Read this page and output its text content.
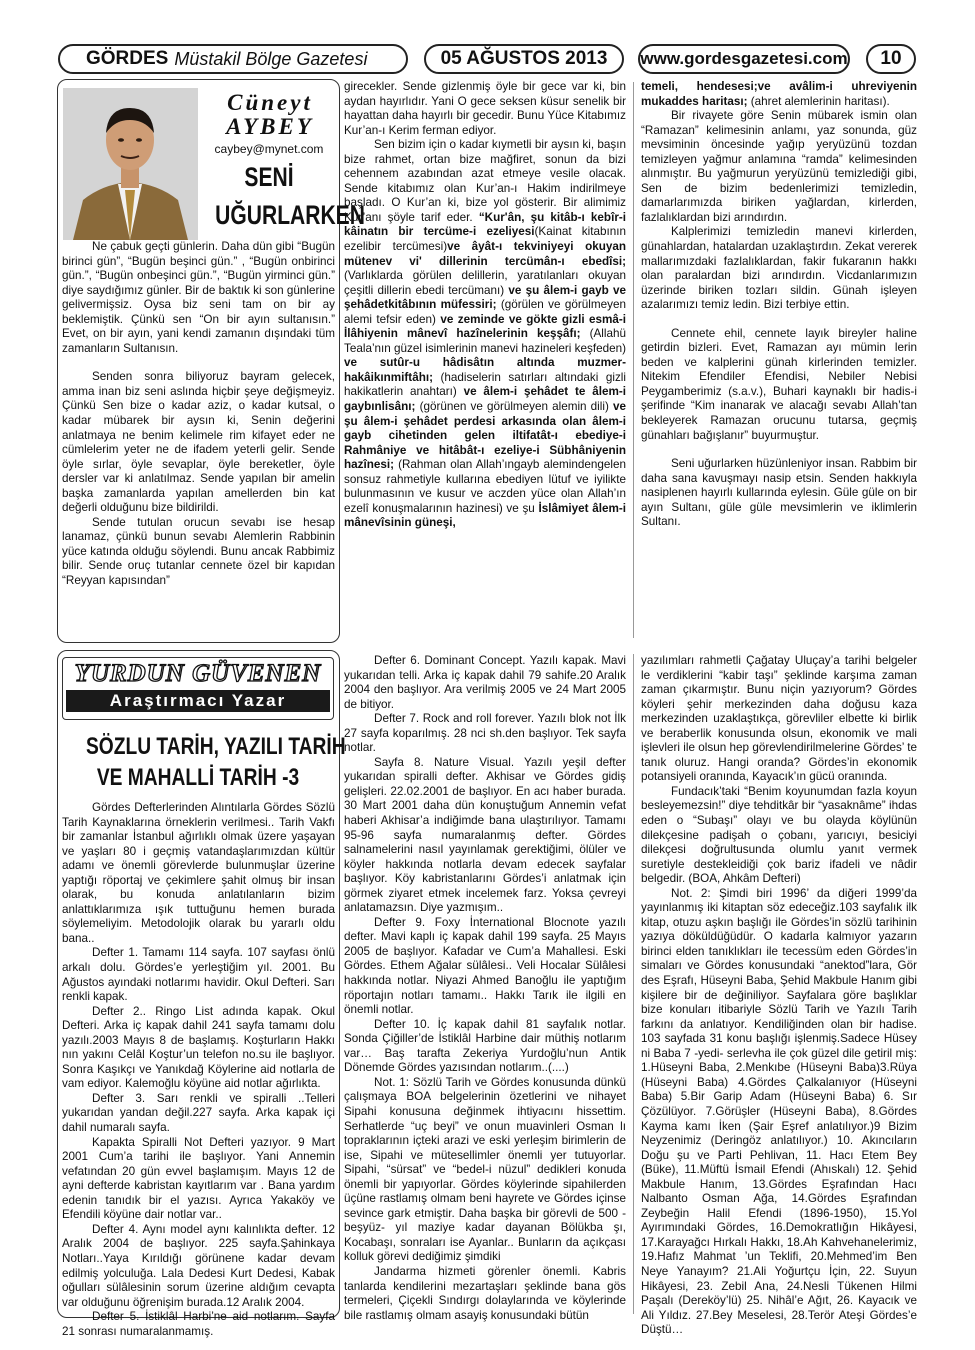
GÖRDES Müstakil Bölge Gazetesi	05 AĞUSTOS 2013	www.gordesgazetesi.com	10
Cüneyt
AYBEY
caybey@mynet.com
SENİ
UĞURLARKEN

Ne çabuk geçti günlerin. Daha dün gibi “Bugün birinci gün”, “Bugün beşinci gün.” , “Bugün onbirinci gün.”, “Bugün onbeşinci gün.”, “Bugün yirminci gün.” diye saydığımız günler. Bir de baktık ki son günlerine gelivermişsiz. Oysa biz seni tam on bir ay beklemiştik. Çünkü sen “On bir ayın sultanısın.” Evet, on bir ayın, yani kendi zamanın dışındaki tüm zamanların Sultanısın.

Senden sonra biliyoruz bayram gelecek, amma inan biz seni aslında hiçbir şeye değişmeyiz. Çünkü Sen bize o kadar aziz, o kadar kutsal, o kadar mübarek bir aysın ki, Senin değerini anlatmaya ne benim kelimele rim kifayet eder ne cümlelerim yeter ne de ifadem yeterli gelir. Sende öyle sırlar, öyle sevaplar, öyle bereketler, öyle dersler var ki anlatılmaz. Sende yapılan bir amelin başka zamanlarda yapılan amellerden bin kat değerli olduğunu bize bildirildi.

Sende tutulan orucun sevabı ise hesap lanamaz, çünkü bunun sevabı Alemlerin Rabbinin yüce katında olduğu söylendi. Bunu ancak Rabbimiz bilir. Sende oruç tutanlar cennete özel bir kapıdan “Reyyan kapısından”

girecekler. Sende gizlenmiş öyle bir gece var ki, bin aydan hayırlıdır. Yani O gece seksen küsur senelik bir hayattan daha hayırlı bir gecedir. Bunu Yüce Kitabımız Kur’an-ı Kerim ferman ediyor.

Sen bizim için o kadar kıymetli bir aysın ki, başın bize rahmet, ortan bize mağfiret, sonun da bizi cehennem azabından azat etmeye vesile olacak. Sende kitabımız olan Kur’an-ı Hakim indirilmeye başladı. O Kur’an ki, bize yol gösterir. Bir alimimiz Kur’anı şöyle tarif eder. “Kur'ân, şu kitâb-ı kebîr-i kâinatın bir tercüme-i ezeliyesi(Kainat kitabının ezelibir tercümesi)ve âyât-ı tekviniyeyi okuyan mütenev vi' dillerinin tercümân-ı ebedîsi; (Varlıklarda görülen delillerin, yaratılanları okuyan çeşitli dillerin ebedi tercümanı) ve şu âlem-i gayb ve şehâdetkitâbının müfessiri; (görülen ve görülmeyen alemi tefsir eden) ve zeminde ve gökte gizli esmâ-i İlâhiyenin mânevî hazînelerinin keşşâfı; (Allahü Teala’nın güzel isimlerinin manevi hazineleri keşfeden) ve sutûr-u hâdisâtın altında muzmer-hakâikınmiftâhı; (hadiselerin satırları altındaki gizli hakikatlerin anahtarı) ve âlem-i şehâdet te âlem-i gaybınlisânı; (görünen ve görülmeyen alemin dili) ve şu âlem-i şehâdet perdesi arkasında olan âlem-i gayb cihetinden gelen iltifatât-ı ebediye-i Rahmâniye ve hitâbât-ı ezeliye-i Sübhâniyenin hazînesi; (Rahman olan Allah’ıngayb alemindengelen sonsuz rahmetiyle kullarına ebediyen lütuf ve iyilikte bulunmasının ve kusur ve aczden yüce olan Allah’ın ezelî konuşmalarının hazinesi) ve şu İslâmiyet âlem-i mânevîsinin güneşi,

temeli, hendesesi;ve avâlim-i uhreviyenin mukaddes haritası; (ahret alemlerinin haritası).

Bir rivayete göre Senin mübarek ismin olan “Ramazan” kelimesinin anlamı, yaz sonunda, güz mevsiminin öncesinde yağıp yeryüzünü tozdan temizleyen yağmur anlamına “ramda” kelimesinden alınmıştır. Bu yağmurun yeryüzünü temizlediği gibi, Sen de bizim bedenlerimizi temizledin, damarlarımızda biriken yağlardan, kirlerden, fazlalıklardan bizi arındırdın.

Kalplerimizi temizledin manevi kirlerden, günahlardan, hatalardan uzaklaştırdın. Zekat vererek mallarımızdaki fazlalıklardan, fakir fukaranın hakkı olan paralardan bizi arındırdın. Vicdanlarımızın üzerinde biriken tozları sildin. Günah işleyen azalarımızı temiz ledin. Bizi terbiye ettin.

Cennete ehil, cennete layık bireyler haline getirdin bizleri. Evet, Ramazan ayı mümin lerin beden ve kalplerini günah kirlerinden temizler. Nitekim Efendiler Efendisi, Nebiler Nebisi Peygamberimiz (s.a.v.), Buhari kaynaklı bir hadis-i şerifinde “Kim inanarak ve alacağı sevabı Allah’tan bekleyerek Ramazan orucunu tutarsa, geçmiş günahları bağışlanır” buyurmuştur.

Seni uğurlarken hüzünleniyor insan. Rabbim bir daha sana kavuşmayı nasip etsin. Senden hakkıyla nasiplenen hayırlı kullarında eylesin. Güle güle on bir ayın Sultanı, güle güle mevsimlerin ve iklimlerin Sultanı.

YURDUN GÜVENEN
Araştırmacı Yazar
SÖZLU TARİH, YAZILI TARİH
VE MAHALLİ TARİH -3

Gördes Defterlerinden Alıntılarla Gördes Sözlü Tarih Kaynaklarına örneklerin verilmesi.. Tarih Vakfı bir zamanlar İstanbul ağırlıklı olmak üzere yaşayan ve yaşları 80 i geçmiş vatandaşlarımızdan kültür adamı ve önemli görevlerde bulunmuşlar üzerine yaptığı röportaj ve çekimlere şahit olmuş bir insan olarak, bu konuda anlatılanların bizim anlattıklarımıza ışık tuttuğunu hemen burada söylemeliyim. Metodolojik olarak bu yararlı oldu bana..

Defter 1. Tamamı 114 sayfa. 107 sayfası önlü arkalı dolu. Gördes’e yerleştiğim yıl. 2001. Bu Ağustos ayındaki notlarımı havidir. Okul Defteri. Sarı renkli kapak.

Defter 2.. Ringo List adında kapak. Okul Defteri. Arka iç kapak dahil 241 sayfa tamamı dolu yazılı.2003 Mayıs 8 de başlamış. Koşturların Hakkı nın yakını Celâl Koştur’un telefon no.su ile başlıyor. Sonra Kaşıkçı ve Yanıkdağ Köylerine aid notlarla de vam ediyor. Kalemoğlu köyüne aid notlar ağırlıkta.

Defter 3. Sarı renkli ve spiralli ..Telleri yukarıdan yandan değil.227 sayfa. Arka kapak içi dahil numaralı sayfa.

Kapakta Spiralli Not Defteri yazıyor. 9 Mart 2001 Cum’a tarihi ile başlıyor. Yani Annemin vefatından 20 gün evvel başlamışım. Mayıs 12 de ayni defterde kabristan kayıtlarım var . Bana yardım edenin tanıdık bir el yazısı. Ayrıca Yakaköy ve Efendili köyüne dair notlar var..

Defter 4. Aynı model aynı kalınlıkta defter. 12 Aralık 2004 de başlıyor. 225 sayfa.Şahinkaya Notları..Yaya Kırıldığı görünene kadar devam edilmiş yolculuğa. Lala Dedesi Kurt Dedesi, Kabak oğulları sülâlesinin sorum üzerine aldığım cevapta var olduğunu öğrenişim burada.12 Aralık 2004.

Defter 5. İstiklâl Harbi’ne aid notlarım. Sayfa 21 sonrası numaralanmamış.

Defter 6. Dominant Concept. Yazılı kapak. Mavi yukarıdan telli. Arka iç kapak dahil 79 sahife.20 Aralık 2004 den başlıyor. Ara verilmiş 2005 ve 24 Mart 2005 de bitiyor.

Defter 7. Rock and roll forever. Yazılı blok not İlk 27 sayfa koparılmış. 28 nci sh.den başlıyor. Tek sayfa notlar.

Sayfa 8. Nature Visual. Yazılı yeşil defter yukarıdan spiralli defter. Akhisar ve Gördes gidiş gelişleri. 22.02.2001 de başlıyor. En acı haber burada. 30 Mart 2001 daha dün konuştuğum Annemin vefat haberi Akhisar’a indiğimde bana ulaştırılıyor. Tamamı 95-96 sayfa numaralanmış defter. Gördes salnamelerini nasıl yayınlamak gerektiğimi, ölüler ve köyler hakkında notlarla devam edecek sayfalar başlıyor. Köy kabristanlarını Gördes’i anlatmak için görmek ziyaret etmek incelemek farz. Yoksa çevreyi anlatamazsın. Diye yazmışım..

Defter 9. Foxy İnternational Blocnote yazılı defter. Mavi kaplı iç kapak dahil 199 sayfa. 25 Mayıs 2005 de başlıyor. Kafadar ve Cum’a Mahallesi. Eski Gördes. Ethem Ağalar sülâlesi.. Veli Hocalar Sülâlesi hakkında notlar. Niyazi Ahmed Banoğlu ile yaptığım röportajın notları tamamı.. Hakkı Tarık ile ilgili en önemli notlar.

Defter 10. İç kapak dahil 81 sayfalık notlar. Sonda Çiğiller’de İstiklâl Harbine dair müthiş notlarım var… Baş tarafta Zekeriya Yurdoğlu’nun Antik Dönemde Gördes yazısından notlarım..(....)

Not. 1: Sözlü Tarih ve Gördes konusunda dünkü çalışmaya BOA belgelerinin özetlerini ve nihayet Sipahi konusuna değinmek ihtiyacını hissettim. Serhatlerde “uç beyi” ve onun muavinleri Osman lı topraklarının içteki arazi ve eski yerleşim birimlerin de ise, Sipahi ve mütesellimler önemli yer tutuyorlar. Sipahi, “sürsat” ve “bedel-i nüzul” dedikleri konuda önemli bir yapıyorlar. Gördes köylerinde sipahilerden üçüne rastlamış olmam beni hayrete ve Gördes içinse sevince gark etmiştir. Daha başka bir görevli de 500 -beşyüz- yıl maziye kadar dayanan Bölükba şı, Kocabaşı, sonraları ise Ayanlar.. Bunların da açıkçası kolluk görevi dediğimiz şimdiki

Jandarma hizmeti görenler önemli. Kabris tanlarda kendilerini mezartaşları şeklinde bana gös termeleri, Çiçekli Sındırgı dolaylarında ve köylerinde bile rastlamış olmam asayiş konusundaki bütün

yazılımları rahmetli Çağatay Uluçay’a tarihi belgeler le verdiklerini “kabir taşı” şeklinde karşıma zaman zaman çıkarmıştır. Bunu niçin yazıyorum? Gördes köyleri şehir merkezinden daha doğusu kaza merkezinden uzaklaştıkça, görevliler elbette ki birlik ve beraberlik konusunda olsun, ekonomik ve mali işlevleri ile olsun hep görevlendirilmelerine Gördes’ te tanık oluruz. Hangi oranda? Gördes’in ekonomik potansiyeli oranında, Kayacık’ın gücü oranında.

Fundacık’taki “Benim koyunumdan fazla koyun besleyemezsin!” diye tehditkâr bir “yasaknâme” ihdas eden o “Subaşı” olayı ve bu olayda köylünün dilekçesine padişah o çobanı, yarıcıyı, besiciyi dilekçesi doğrultusunda olumlu yanıt vermek suretiyle destekleidiği çok bariz ifadeli ve nâdir belgedir. (BOA, Ahkâm Defteri)

Not. 2: Şimdi biri 1996’ da diğeri 1999’da yayınlanmış iki kitaptan söz edeceğiz.103 sayfalık ilk kitap, otuzu aşkın başlığı ile Gördes’in sözlü tarihinin yazıya döküldüğüdür. O kadarla kalmıyor yazarın birinci elden tanıklıkları ile tecessüm eden Gördes’in simaları ve Gördes konusundaki “anektod”lara, Gör des Eşrafı, Hüseyni Baba, Şehid Makbule Hanım gibi kişilere bir de değiniliyor. Sayfalara göre başlıklar bize konuları itibariyle Sözlü Tarih ve Yazılı Tarih farkını da anlatıyor. Kendiliğinden olan bir hadise. 103 sayfada 31 konu başlığı işlenmiş.Sadece Hüsey ni Baba 7 -yedi- serlevha ile çok güzel dile getiril miş: 1.Hüseyni Baba, 2.Menkıbe (Hüseyni Baba)3.Rüya (Hüseyni Baba) 4.Gördes Çalkalanıyor (Hüseyni Baba) 5.Bir Garip Adam (Hüseyni Baba) 6. Sır Çözülüyor. 7.Görüşler (Hüseyni Baba), 8.Gördes Kayma kamı İken (Şair Eşref anlatılıyor.)9 Bizim Neyzenimiz (Deringöz anlatılıyor.) 10. Akıncıların Doğu şu ve Parti Pehlivan, 11. Hacı Etem Bey (Büke), 11.Müftü İsmail Efendi (Ahıskalı) 12. Şehid Makbule Hanım, 13.Gördes Eşrafından Hacı Nalbanto Osman Ağa, 14.Gördes Eşrafından Zeybeğin Halil Efendi (1896-1950), 15.Yol Ayırımındaki Gördes, 16.Demokratlığın Hikâyesi, 17.Karayağcı Hırkalı Hakkı, 18.Ah Kahvehanelerimiz, 19.Hafız Mahmat ’un Teklifi, 20.Mehmed’im Ben Neye Yanayım? 21.Ali Yoğurtçu İçin, 22. Suyun Hikâyesi, 23. Zebil Ana, 24.Nesli Tükenen Hilmi Paşalı (Dereköy’lü) 25. Nihâl’e Ağıt, 26. Kayacık ve Ali Yıldız. 27.Bey Meselesi, 28.Terör Ateşi Gördes’e Düştü…
